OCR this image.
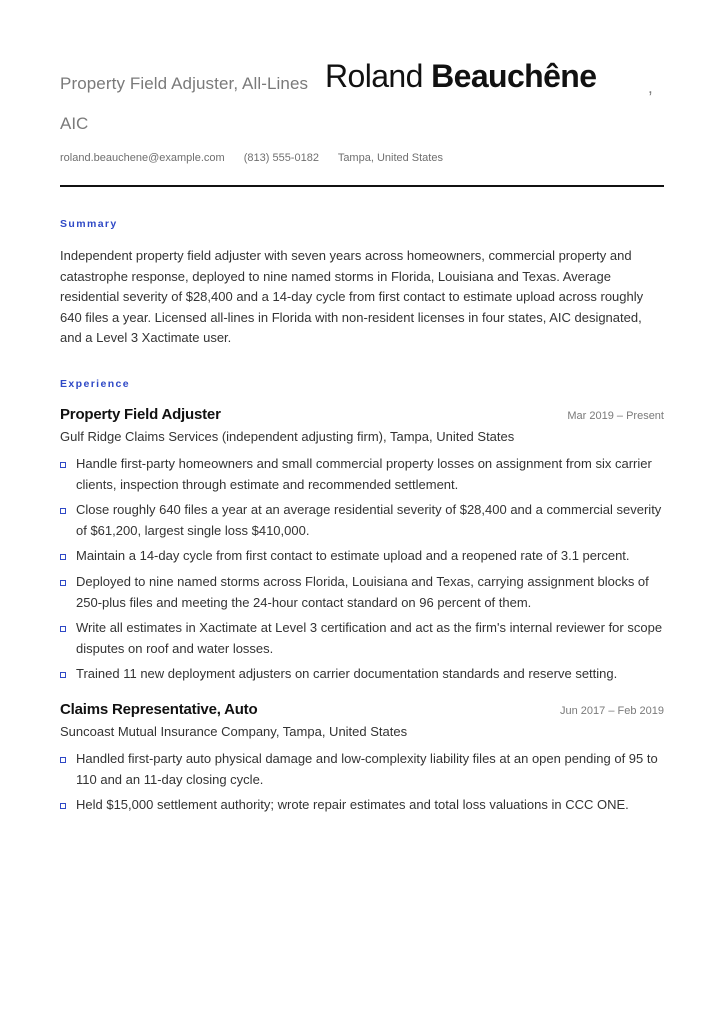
Property Field Adjuster, All-Lines Roland Beauchêne	,
AIC
roland.beauchene@example.com (813) 555-0182 Tampa, United States
Summary
Independent property field adjuster with seven years across homeowners, commercial property and catastrophe response, deployed to nine named storms in Florida, Louisiana and Texas. Average residential severity of $28,400 and a 14-day cycle from first contact to estimate upload across roughly 640 files a year. Licensed all-lines in Florida with non-resident licenses in four states, AIC designated, and a Level 3 Xactimate user.
Experience
Property Field Adjuster	Mar 2019 – Present
Gulf Ridge Claims Services (independent adjusting firm), Tampa, United States
Handle first-party homeowners and small commercial property losses on assignment from six carrier clients, inspection through estimate and recommended settlement.
Close roughly 640 files a year at an average residential severity of $28,400 and a commercial severity of $61,200, largest single loss $410,000.
Maintain a 14-day cycle from first contact to estimate upload and a reopened rate of 3.1 percent.
Deployed to nine named storms across Florida, Louisiana and Texas, carrying assignment blocks of 250-plus files and meeting the 24-hour contact standard on 96 percent of them.
Write all estimates in Xactimate at Level 3 certification and act as the firm's internal reviewer for scope disputes on roof and water losses.
Trained 11 new deployment adjusters on carrier documentation standards and reserve setting.
Claims Representative, Auto	Jun 2017 – Feb 2019
Suncoast Mutual Insurance Company, Tampa, United States
Handled first-party auto physical damage and low-complexity liability files at an open pending of 95 to 110 and an 11-day closing cycle.
Held $15,000 settlement authority; wrote repair estimates and total loss valuations in CCC ONE.
